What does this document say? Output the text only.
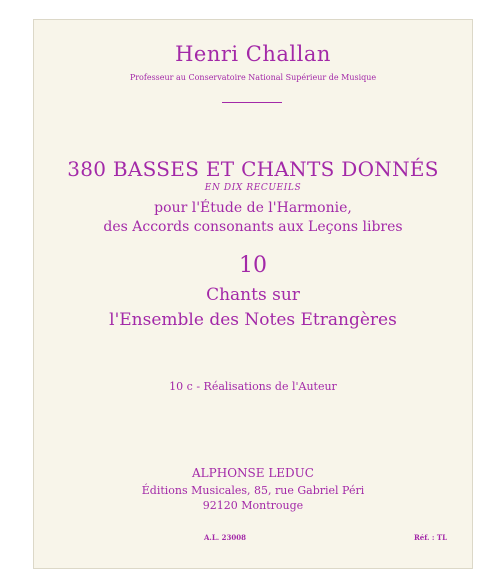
Henri Challan
Professeur au Conservatoire National Supérieur de Musique
380 BASSES ET CHANTS DONNÉS
EN DIX RECUEILS
pour l'Étude de l'Harmonie,
des Accords consonants aux Leçons libres
10
Chants sur
l'Ensemble des Notes Etrangères
10 c - Réalisations de l'Auteur
ALPHONSE LEDUC
Éditions Musicales, 85, rue Gabriel Péri
92120 Montrouge
A.L. 23008	Réf. : TL
